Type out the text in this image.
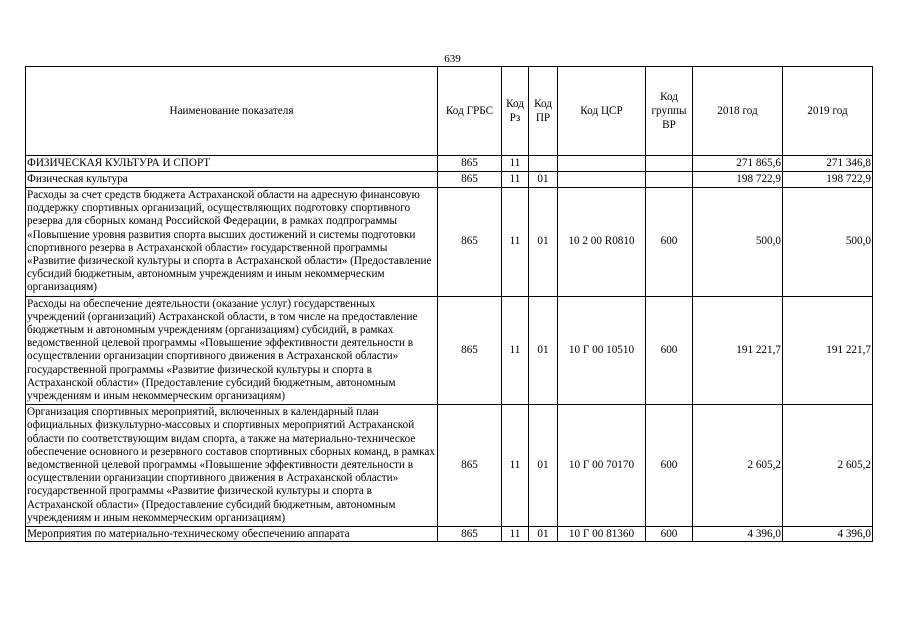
639
Наименование показателя	Код ГРБС	Код Рз	Код ПР	Код ЦСР	Код группы ВР	2018 год	2019 год
ФИЗИЧЕСКАЯ КУЛЬТУРА И СПОРТ	865	11				271 865,6	271 346,8
Физическая культура	865	11	01			198 722,9	198 722,9
Расходы за счет средств бюджета Астраханской области на адресную финансовую поддержку спортивных организаций, осуществляющих подготовку спортивного резерва для сборных команд Российской Федерации, в рамках подпрограммы «Повышение уровня развития спорта высших достижений и системы подготовки спортивного резерва в Астраханской области» государственной программы «Развитие физической культуры и спорта в Астраханской области» (Предоставление субсидий бюджетным, автономным учреждениям и иным некоммерческим организациям)	865	11	01	10 2 00 R0810	600	500,0	500,0
Расходы на обеспечение деятельности (оказание услуг) государственных учреждений (организаций) Астраханской области, в том числе на предоставление бюджетным и автономным учреждениям (организациям) субсидий, в рамках ведомственной целевой программы «Повышение эффективности деятельности в осуществлении организации спортивного движения в Астраханской области» государственной программы «Развитие физической культуры и спорта в Астраханской области» (Предоставление субсидий бюджетным, автономным учреждениям и иным некоммерческим организациям)	865	11	01	10 Г 00 10510	600	191 221,7	191 221,7
Организация спортивных мероприятий, включенных в календарный план официальных физкультурно-массовых и спортивных мероприятий Астраханской области по соответствующим видам спорта, а также на материально-техническое обеспечение основного и резервного составов спортивных сборных команд, в рамках ведомственной целевой программы «Повышение эффективности деятельности в осуществлении организации спортивного движения в Астраханской области» государственной программы «Развитие физической культуры и спорта в Астраханской области» (Предоставление субсидий бюджетным, автономным учреждениям и иным некоммерческим организациям)	865	11	01	10 Г 00 70170	600	2 605,2	2 605,2
Мероприятия по материально-техническому обеспечению аппарата	865	11	01	10 Г 00 81360	600	4 396,0	4 396,0
